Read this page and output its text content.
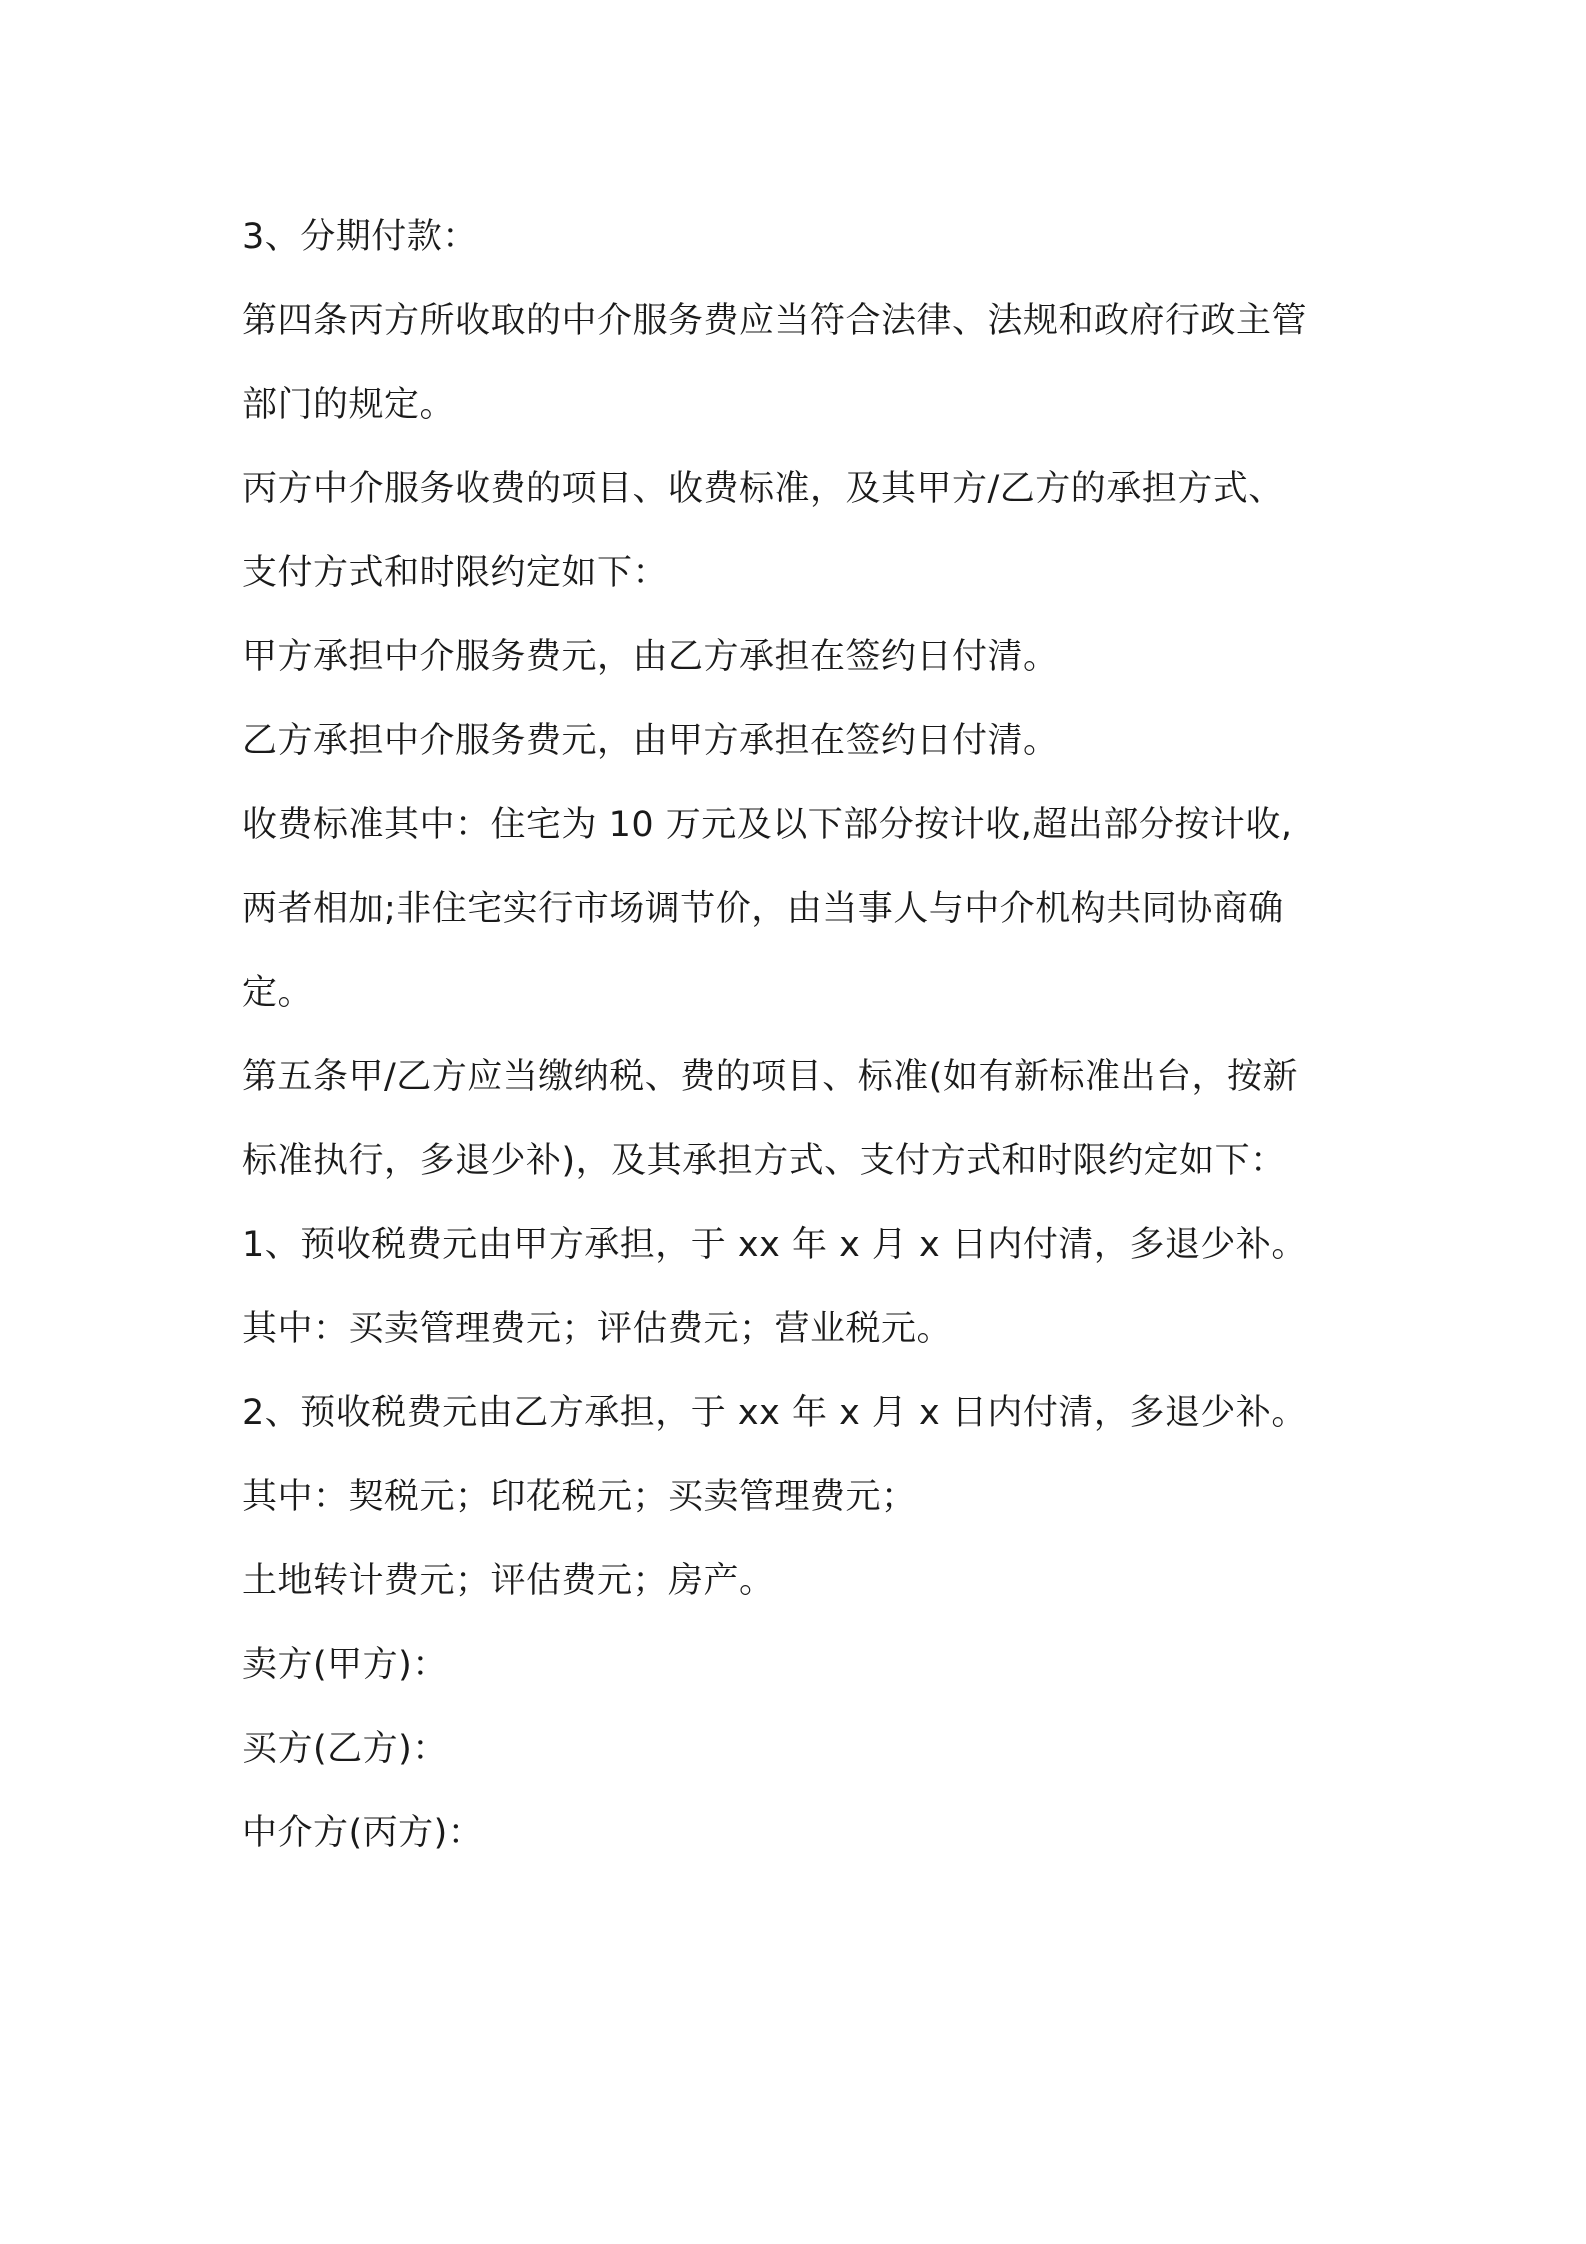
3、分期付款：

第四条丙方所收取的中介服务费应当符合法律、法规和政府行政主管

部门的规定。

丙方中介服务收费的项目、收费标准，及其甲方/乙方的承担方式、

支付方式和时限约定如下：

甲方承担中介服务费元，由乙方承担在签约日付清。

乙方承担中介服务费元，由甲方承担在签约日付清。

收费标准其中：住宅为 10 万元及以下部分按计收,超出部分按计收,

两者相加;非住宅实行市场调节价，由当事人与中介机构共同协商确

定。

第五条甲/乙方应当缴纳税、费的项目、标准(如有新标准出台，按新

标准执行，多退少补)，及其承担方式、支付方式和时限约定如下：

1、预收税费元由甲方承担，于 xx 年 x 月 x 日内付清，多退少补。

其中：买卖管理费元；评估费元；营业税元。

2、预收税费元由乙方承担，于 xx 年 x 月 x 日内付清，多退少补。

其中：契税元；印花税元；买卖管理费元；

土地转计费元；评估费元；房产。

卖方(甲方)：

买方(乙方)：

中介方(丙方)：
